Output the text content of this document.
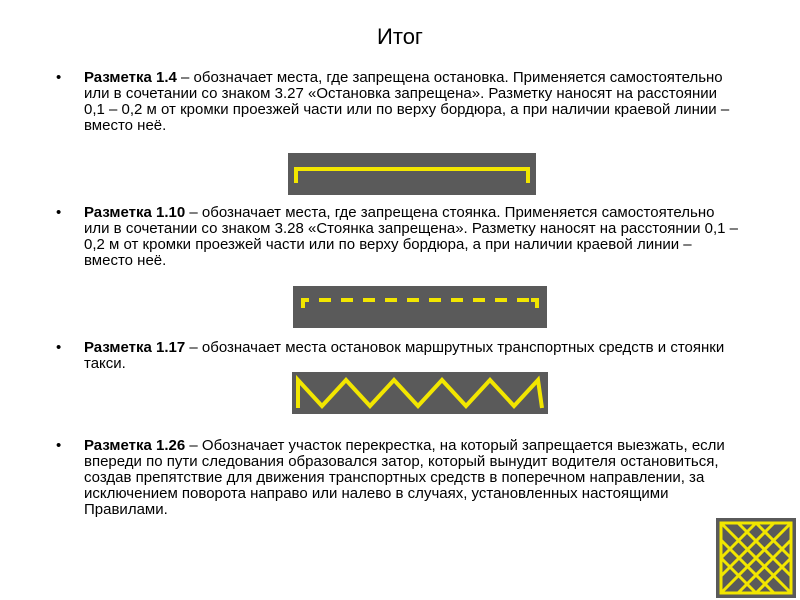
Итог
•	Разметка 1.4 – обозначает места, где запрещена остановка. Применяется самостоятельно или в сочетании со знаком 3.27 «Остановка запрещена». Разметку наносят на расстоянии 0,1 – 0,2 м от кромки проезжей части или по верху бордюра, а при наличии краевой линии – вместо неё.
•	Разметка 1.10 – обозначает места, где запрещена стоянка. Применяется самостоятельно или в сочетании со знаком 3.28 «Стоянка запрещена». Разметку наносят на расстоянии 0,1 – 0,2 м от кромки проезжей части или по верху бордюра, а при наличии краевой линии – вместо неё.
•	Разметка 1.17 – обозначает места остановок маршрутных транспортных средств и стоянки такси.
•	Разметка 1.26 – Обозначает участок перекрестка, на который запрещается выезжать, если впереди по пути следования образовался затор, который вынудит водителя остановиться, создав препятствие для движения транспортных средств в поперечном направлении, за исключением поворота направо или налево в случаях, установленных настоящими Правилами.
